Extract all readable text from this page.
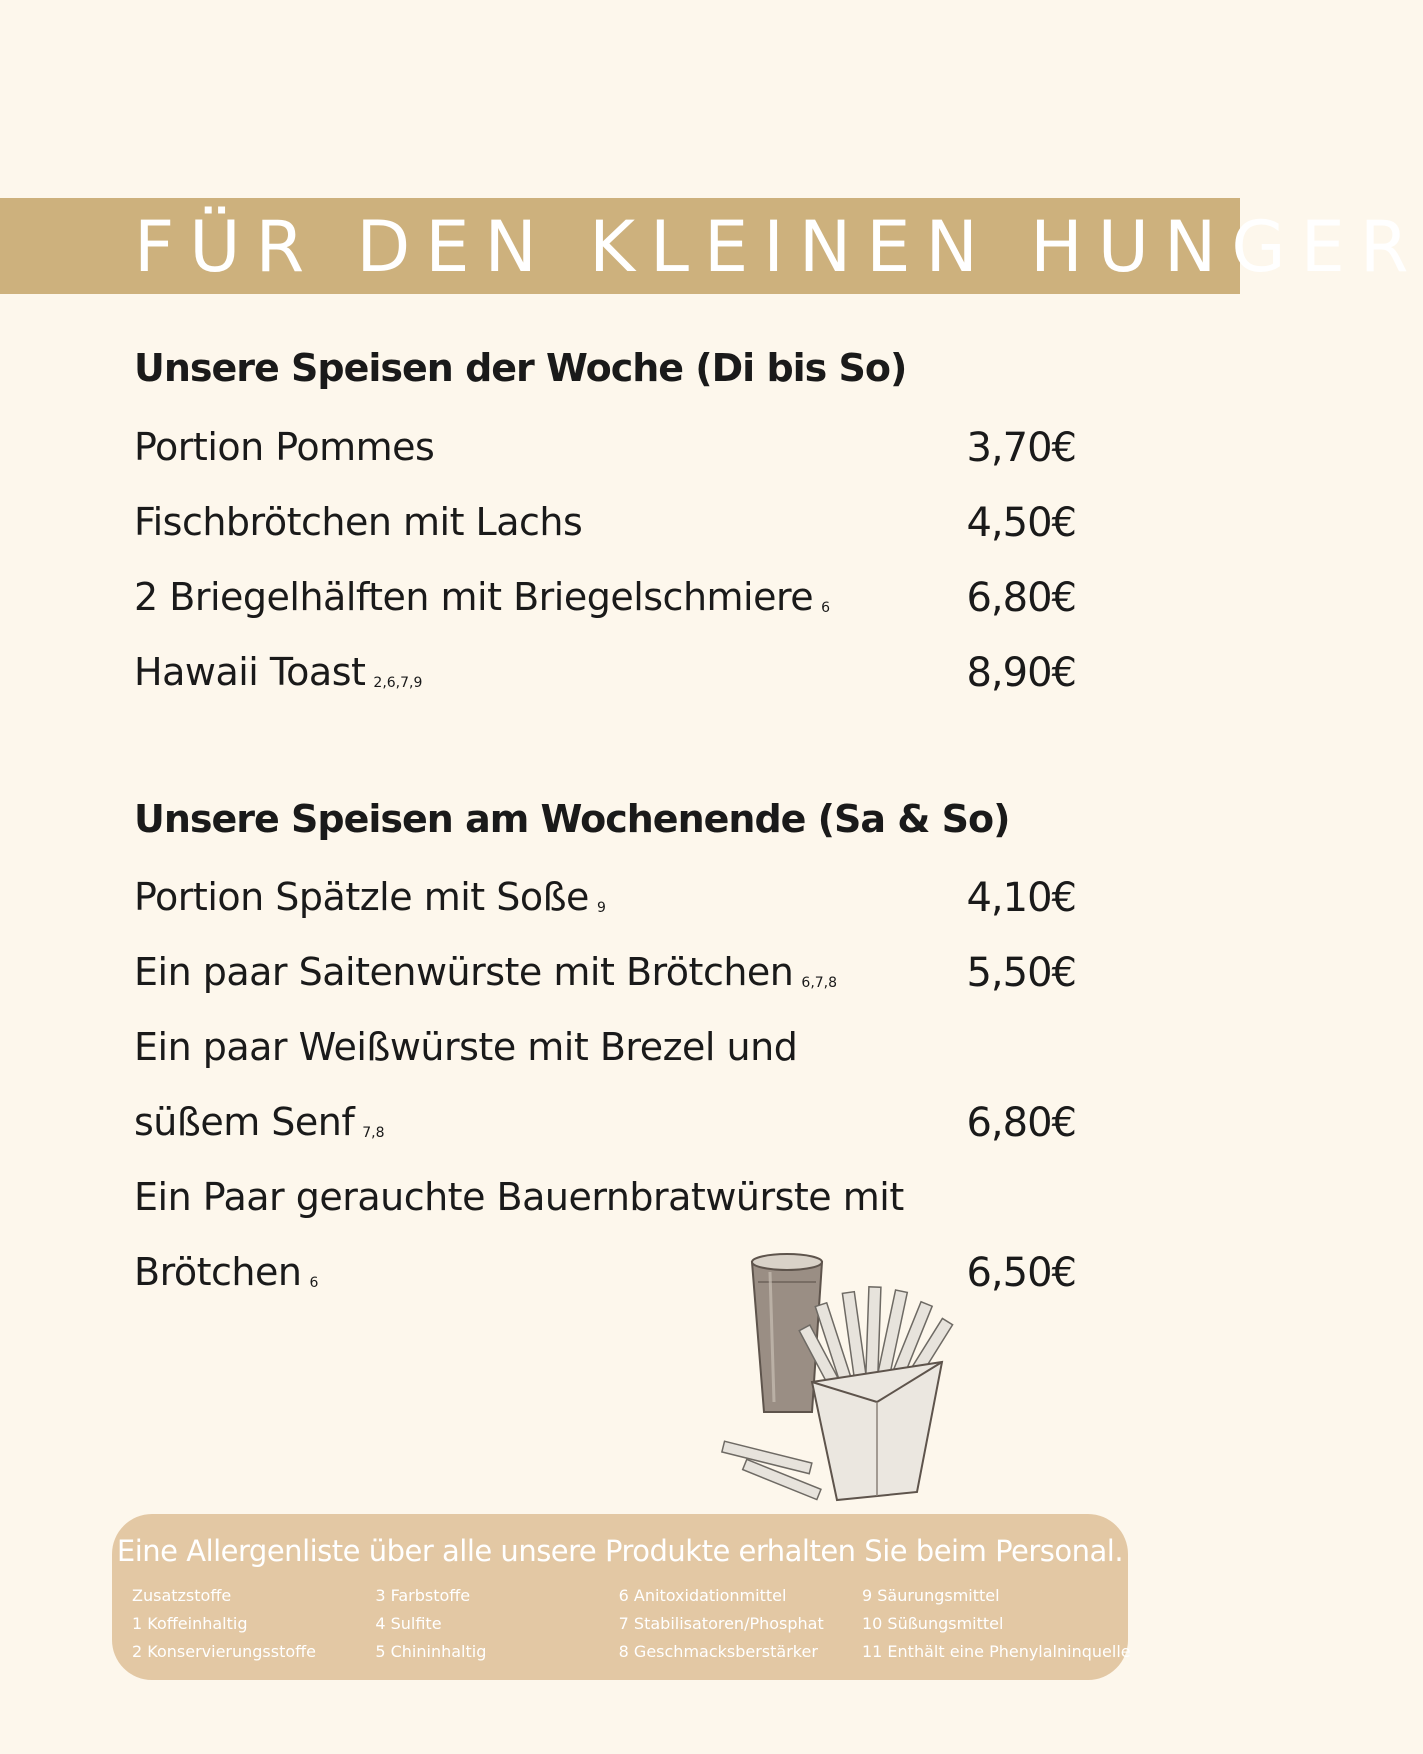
FÜR DEN KLEINEN HUNGER
Unsere Speisen der Woche (Di bis So)
Portion Pommes	3,70€
Fischbrötchen mit Lachs	4,50€
2 Briegelhälften mit Briegelschmiere 6	6,80€
Hawaii Toast 2,6,7,9	8,90€
Unsere Speisen am Wochenende (Sa & So)
Portion Spätzle mit Soße 9	4,10€
Ein paar Saitenwürste mit Brötchen 6,7,8	5,50€
Ein paar Weißwürste mit Brezel und
süßem Senf 7,8	6,80€
Ein Paar gerauchte Bauernbratwürste mit
Brötchen 6	6,50€
Eine Allergenliste über alle unsere Produkte erhalten Sie beim Personal.
Zusatzstoffe
1 Koffeinhaltig
2 Konservierungsstoffe
3 Farbstoffe
4 Sulfite
5 Chininhaltig
6 Anitoxidationmittel
7 Stabilisatoren/Phosphat
8 Geschmacksberstärker
9 Säurungsmittel
10 Süßungsmittel
11 Enthält eine Phenylalninquelle
